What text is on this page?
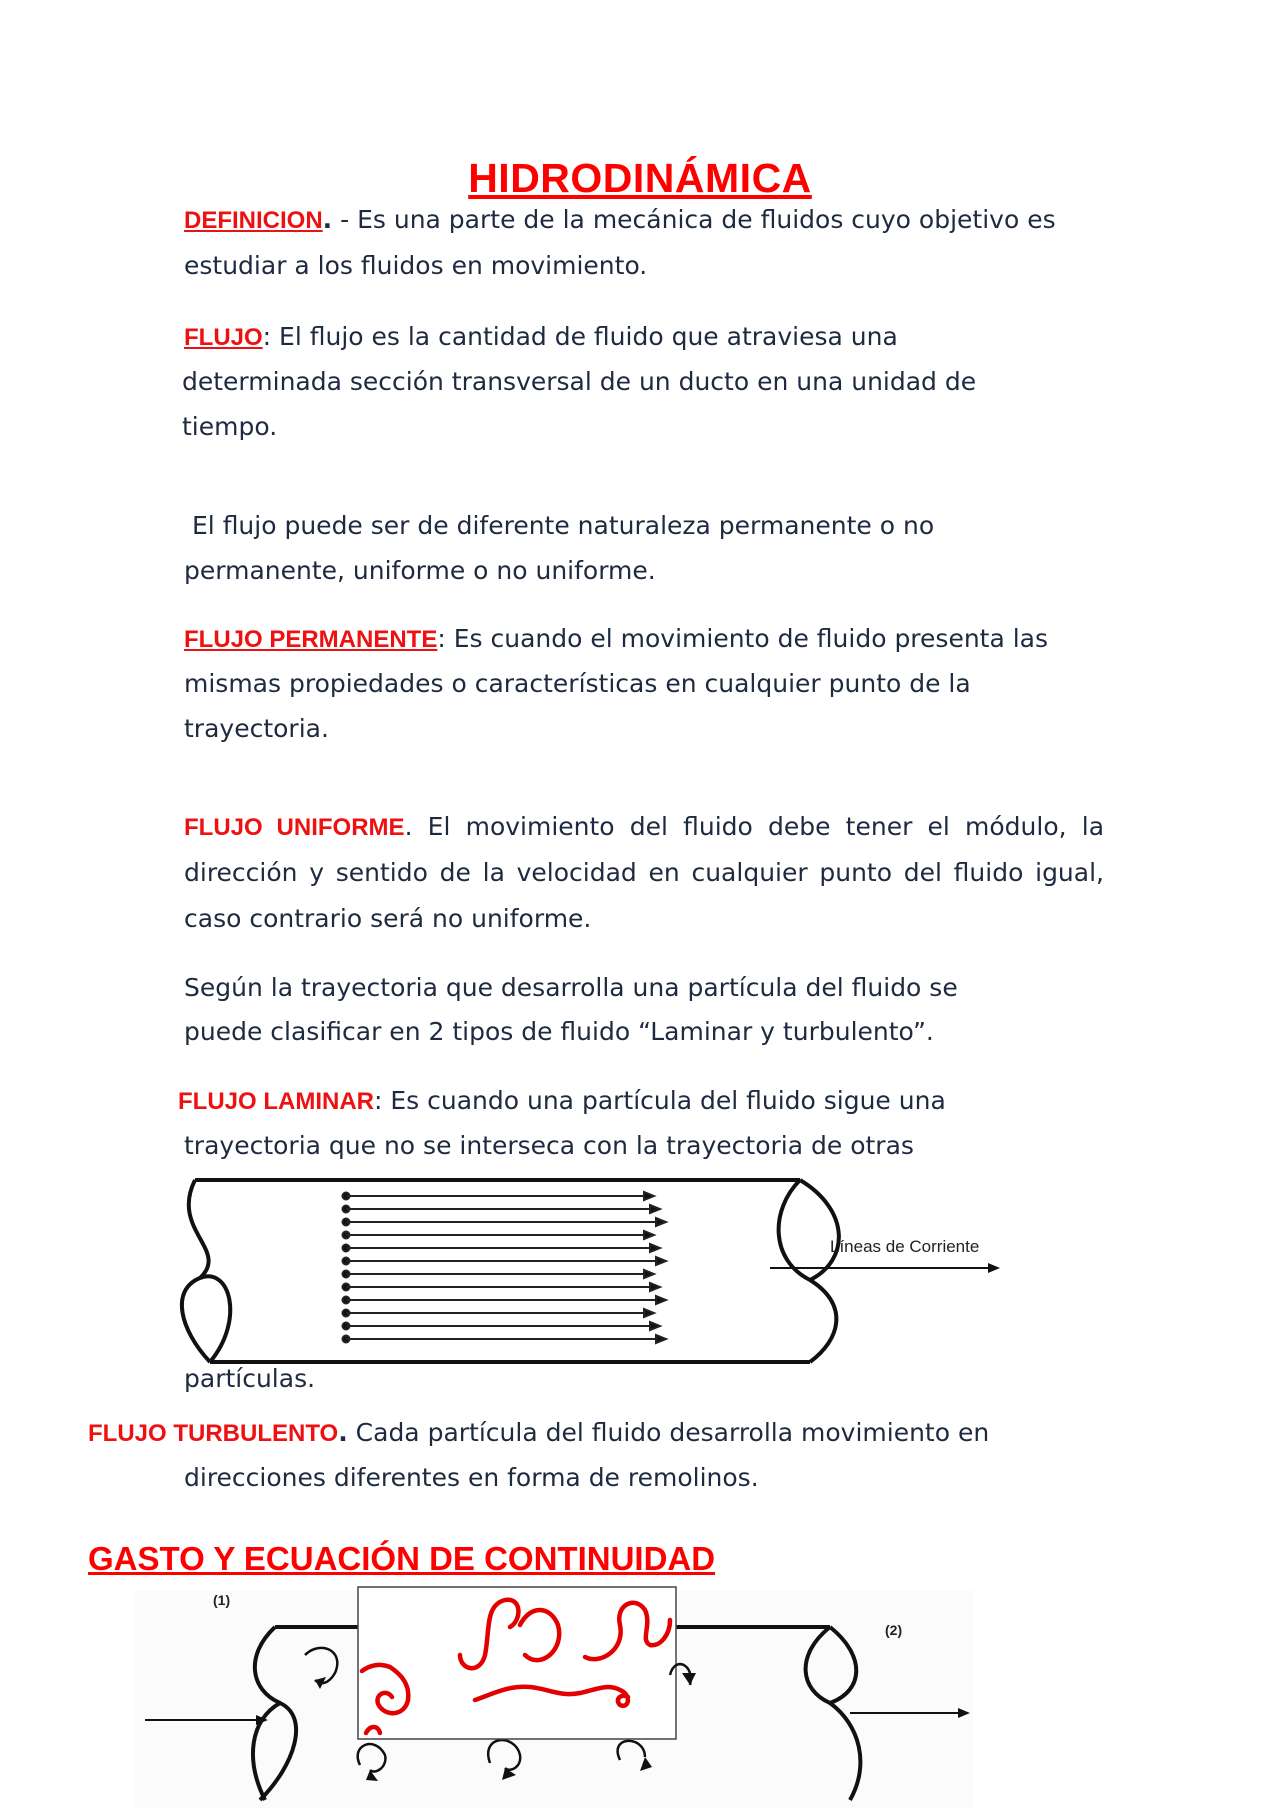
HIDRODINÁMICA
DEFINICION. - Es una parte de la mecánica de fluidos cuyo objetivo es
estudiar a los fluidos en movimiento.
FLUJO: El flujo es la cantidad de fluido que atraviesa una
determinada sección transversal de un ducto en una unidad de
tiempo.
El flujo puede ser de diferente naturaleza permanente o no
permanente, uniforme o no uniforme.
FLUJO PERMANENTE: Es cuando el movimiento de fluido presenta las
mismas propiedades o características en cualquier punto de la
trayectoria.
FLUJO UNIFORME. El movimiento del fluido debe tener el módulo, la
dirección y sentido de la velocidad en cualquier punto del fluido igual,
caso contrario será no uniforme.
Según la trayectoria que desarrolla una partícula del fluido se
puede clasificar en 2 tipos de fluido “Laminar y turbulento”.
FLUJO LAMINAR: Es cuando una partícula del fluido sigue una
trayectoria que no se interseca con la trayectoria de otras
Líneas de Corriente
partículas.
FLUJO TURBULENTO. Cada partícula del fluido desarrolla movimiento en
direcciones diferentes en forma de remolinos.
GASTO Y ECUACIÓN DE CONTINUIDAD
(1)
(2)
